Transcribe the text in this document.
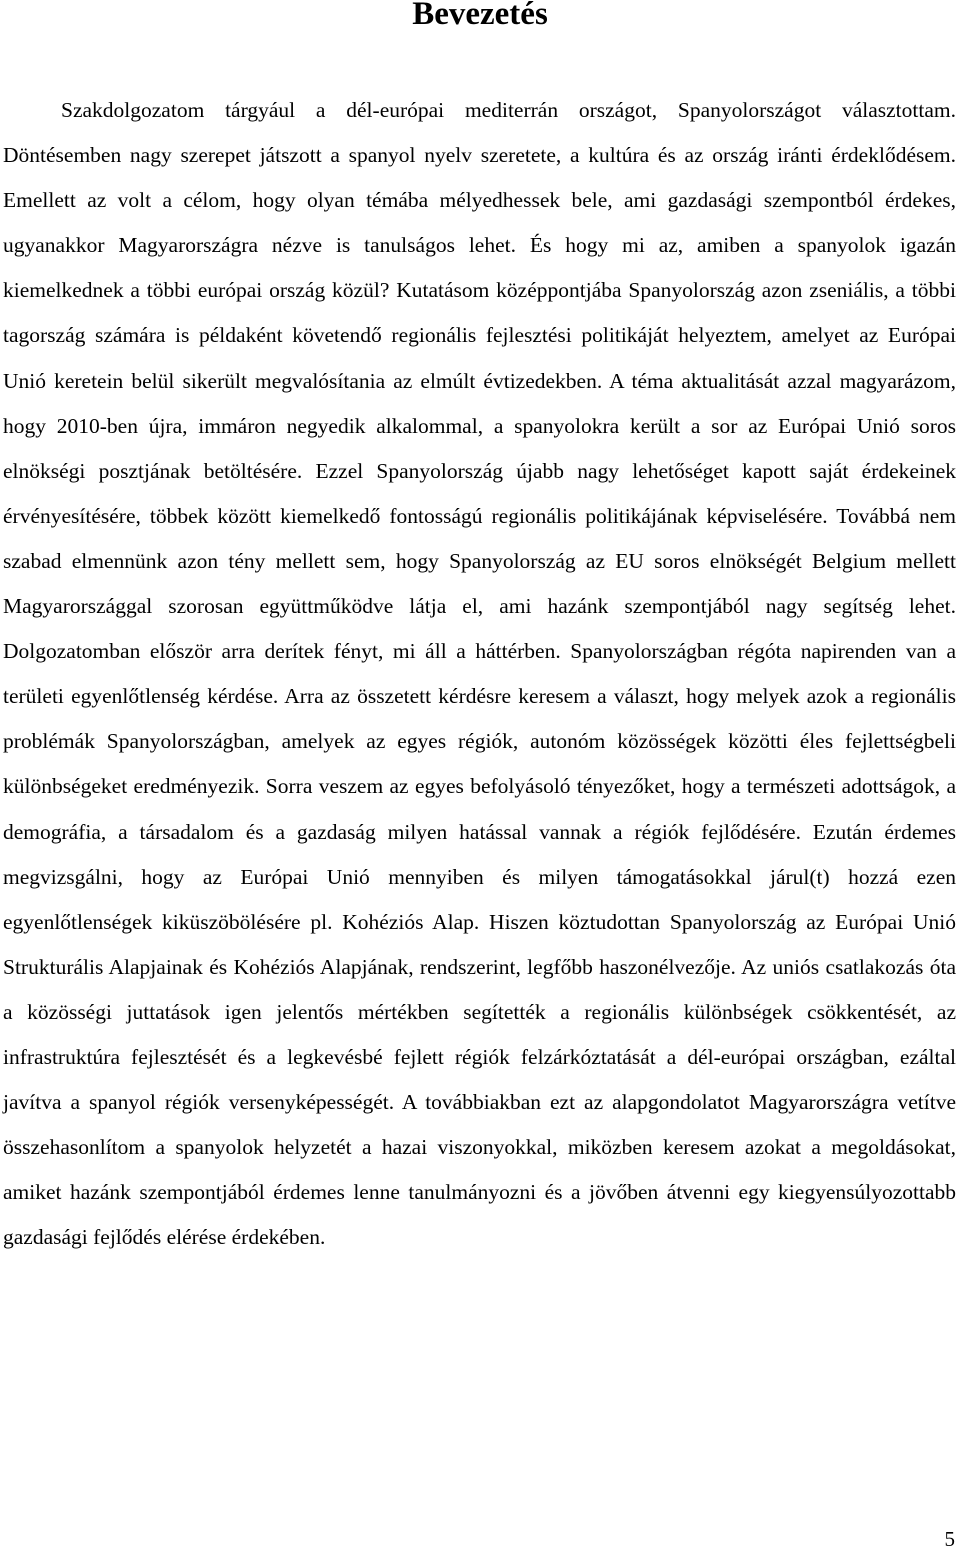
Bevezetés

Szakdolgozatom tárgyául a dél-európai mediterrán országot, Spanyolországot választottam. Döntésemben nagy szerepet játszott a spanyol nyelv szeretete, a kultúra és az ország iránti érdeklődésem. Emellett az volt a célom, hogy olyan témába mélyedhessek bele, ami gazdasági szempontból érdekes, ugyanakkor Magyarországra nézve is tanulságos lehet. És hogy mi az, amiben a spanyolok igazán kiemelkednek a többi európai ország közül? Kutatásom középpontjába Spanyolország azon zseniális, a többi tagország számára is példaként követendő regionális fejlesztési politikáját helyeztem, amelyet az Európai Unió keretein belül sikerült megvalósítania az elmúlt évtizedekben. A téma aktualitását azzal magyarázom, hogy 2010-ben újra, immáron negyedik alkalommal, a spanyolokra került a sor az Európai Unió soros elnökségi posztjának betöltésére. Ezzel Spanyolország újabb nagy lehetőséget kapott saját érdekeinek érvényesítésére, többek között kiemelkedő fontosságú regionális politikájának képviselésére. Továbbá nem szabad elmennünk azon tény mellett sem, hogy Spanyolország az EU soros elnökségét Belgium mellett Magyarországgal szorosan együttműködve látja el, ami hazánk szempontjából nagy segítség lehet. Dolgozatomban először arra derítek fényt, mi áll a háttérben. Spanyolországban régóta napirenden van a területi egyenlőtlenség kérdése. Arra az összetett kérdésre keresem a választ, hogy melyek azok a regionális problémák Spanyolországban, amelyek az egyes régiók, autonóm közösségek közötti éles fejlettségbeli különbségeket eredményezik. Sorra veszem az egyes befolyásoló tényezőket, hogy a természeti adottságok, a demográfia, a társadalom és a gazdaság milyen hatással vannak a régiók fejlődésére. Ezután érdemes megvizsgálni, hogy az Európai Unió mennyiben és milyen támogatásokkal járul(t) hozzá ezen egyenlőtlenségek kiküszöbölésére pl. Kohéziós Alap. Hiszen köztudottan Spanyolország az Európai Unió Strukturális Alapjainak és Kohéziós Alapjának, rendszerint, legfőbb haszonélvezője. Az uniós csatlakozás óta a közösségi juttatások igen jelentős mértékben segítették a regionális különbségek csökkentését, az infrastruktúra fejlesztését és a legkevésbé fejlett régiók felzárkóztatását a dél-európai országban, ezáltal javítva a spanyol régiók versenyképességét. A továbbiakban ezt az alapgondolatot Magyarországra vetítve összehasonlítom a spanyolok helyzetét a hazai viszonyokkal, miközben keresem azokat a megoldásokat, amiket hazánk szempontjából érdemes lenne tanulmányozni és a jövőben átvenni egy kiegyensúlyozottabb gazdasági fejlődés elérése érdekében.

5
